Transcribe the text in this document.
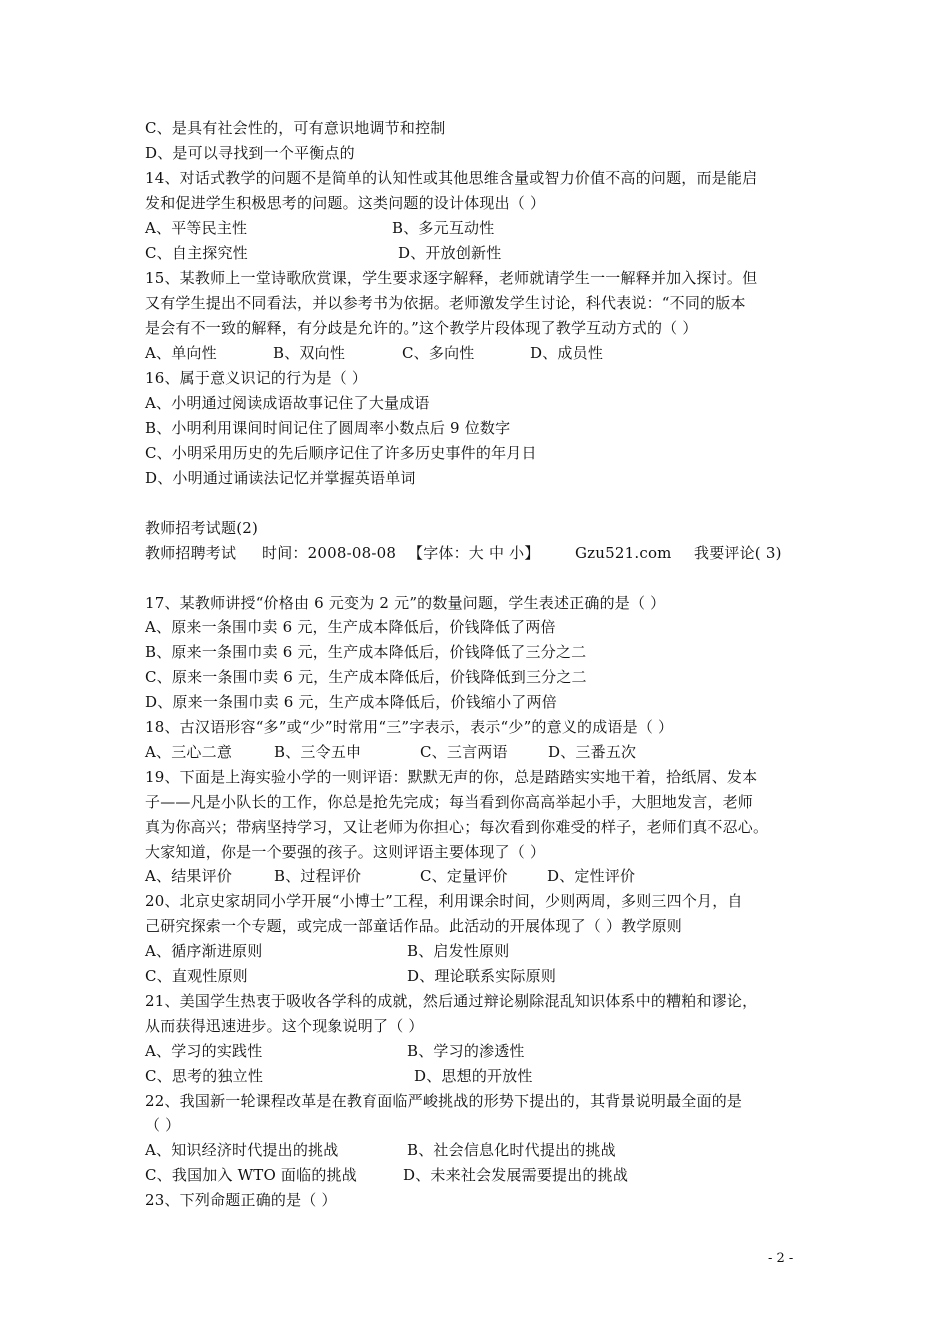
C、是具有社会性的，可有意识地调节和控制
D、是可以寻找到一个平衡点的
14、对话式教学的问题不是简单的认知性或其他思维含量或智力价值不高的问题，而是能启
发和促进学生积极思考的问题。这类问题的设计体现出（ ）
A、平等民主性	B、多元互动性
C、自主探究性	D、开放创新性
15、某教师上一堂诗歌欣赏课，学生要求逐字解释，老师就请学生一一解释并加入探讨。但
又有学生提出不同看法，并以参考书为依据。老师激发学生讨论，科代表说：“不同的版本
是会有不一致的解释，有分歧是允许的。”这个教学片段体现了教学互动方式的（ ）
A、单向性	B、双向性	C、多向性	D、成员性
16、属于意义识记的行为是（ ）
A、小明通过阅读成语故事记住了大量成语
B、小明利用课间时间记住了圆周率小数点后 9 位数字
C、小明采用历史的先后顺序记住了许多历史事件的年月日
D、小明通过诵读法记忆并掌握英语单词
教师招考试题(2)
教师招聘考试 时间：2008-08-08 【字体：大 中 小】 Gzu521.com 我要评论( 3)
17、某教师讲授“价格由 6 元变为 2 元”的数量问题，学生表述正确的是（ ）
A、原来一条围巾卖 6 元，生产成本降低后，价钱降低了两倍
B、原来一条围巾卖 6 元，生产成本降低后，价钱降低了三分之二
C、原来一条围巾卖 6 元，生产成本降低后，价钱降低到三分之二
D、原来一条围巾卖 6 元，生产成本降低后，价钱缩小了两倍
18、古汉语形容“多”或“少”时常用“三”字表示，表示“少”的意义的成语是（ ）
A、三心二意	B、三令五申	C、三言两语	D、三番五次
19、下面是上海实验小学的一则评语：默默无声的你，总是踏踏实实地干着，拾纸屑、发本
子——凡是小队长的工作，你总是抢先完成；每当看到你高高举起小手，大胆地发言，老师
真为你高兴；带病坚持学习，又让老师为你担心；每次看到你难受的样子，老师们真不忍心。
大家知道，你是一个要强的孩子。这则评语主要体现了（ ）
A、结果评价	B、过程评价	C、定量评价	D、定性评价
20、北京史家胡同小学开展“小博士”工程，利用课余时间，少则两周，多则三四个月，自
己研究探索一个专题，或完成一部童话作品。此活动的开展体现了（ ）教学原则
A、循序渐进原则	B、启发性原则
C、直观性原则	D、理论联系实际原则
21、美国学生热衷于吸收各学科的成就，然后通过辩论剔除混乱知识体系中的糟粕和谬论，
从而获得迅速进步。这个现象说明了（ ）
A、学习的实践性	B、学习的渗透性
C、思考的独立性	D、思想的开放性
22、我国新一轮课程改革是在教育面临严峻挑战的形势下提出的，其背景说明最全面的是
（ ）
A、知识经济时代提出的挑战	B、社会信息化时代提出的挑战
C、我国加入 WTO 面临的挑战	D、未来社会发展需要提出的挑战
23、下列命题正确的是（ ）
- 2 -
